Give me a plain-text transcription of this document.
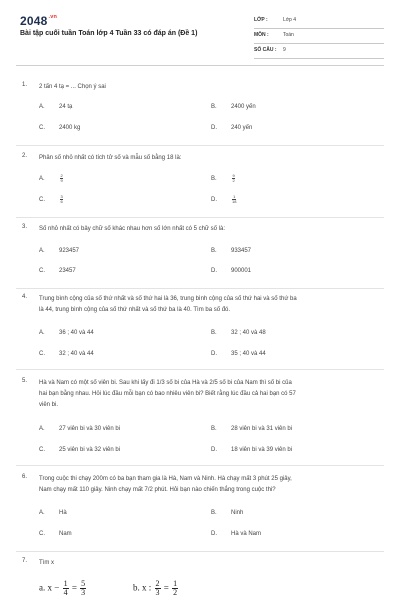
$2048^{.vn}$
Bài tập cuối tuần Toán lớp 4 Tuần 33 có đáp án (Đề 1)
LỚP :	Lớp 4
MÔN :	Toán
SỐ CÂU : 9
1. 2 tấn 4 tạ = ... Chọn ý sai
A. 24 tạ	B. 2400 yến
C. 2400 kg	D. 240 yến
2. Phân số nhỏ nhất có tích tử số và mẫu số bằng 18 là:
A.	$\frac{2}{9}$	B.	$\frac{9}{2}$
C.	$\frac{3}{6}$	D.	$\frac{1}{18}$
3. Số nhỏ nhất có bảy chữ số khác nhau hơn số lớn nhất có 5 chữ số là:
A. 923457	B. 933457
C. 23457	D. 900001
4. Trung bình cộng của số thứ nhất và số thứ hai là 36, trung bình cộng của số thứ hai và số thứ ba
là 44, trung bình cộng của số thứ nhất và số thứ ba là 40. Tìm ba số đó.
A. 36 ; 40 và 44	B. 32 ; 40 và 48
C. 32 ; 40 và 44	D. 35 ; 40 và 44
5. Hà và Nam có một số viên bi. Sau khi lấy đi 1/3 số bi của Hà và 2/5 số bi của Nam thì số bi của
hai bạn bằng nhau. Hỏi lúc đầu mỗi bạn có bao nhiêu viên bi? Biết rằng lúc đầu cả hai bạn có 57
viên bi.
A. 27 viên bi và 30 viên bi	B. 28 viên bi và 31 viên bi
C. 25 viên bi và 32 viên bi	D. 18 viên bi và 39 viên bi
6. Trong cuộc thi chạy 200m có ba bạn tham gia là Hà, Nam và Ninh. Hà chạy mất 3 phút 25 giây,
Nam chạy mất 110 giây. Ninh chạy mất 7/2 phút. Hỏi bạn nào chiến thắng trong cuộc thi?
A. Hà	B. Ninh
C. Nam	D. Hà và Nam
7. Tìm x
a. $x - \frac{1}{4} = \frac{5}{3}$	b. x : $\frac{2}{3} = \frac{1}{2}$
